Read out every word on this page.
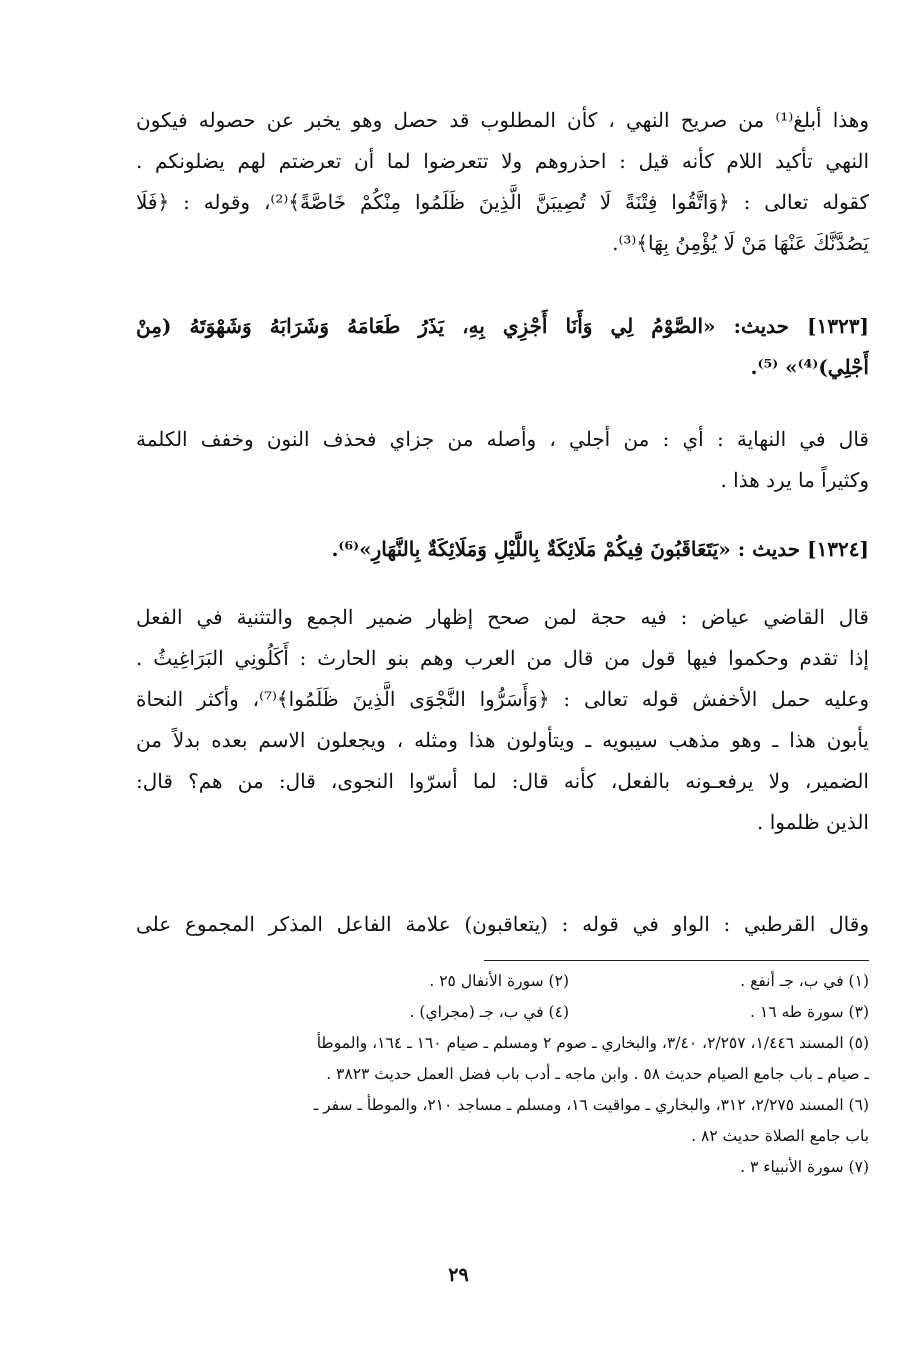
وهذا أبلغ⁽¹⁾ من صريح النهي ، كأن المطلوب قد حصل وهو يخبر عن حصوله فيكون
النهي تأكيد اللام كأنه قيل : احذروهم ولا تتعرضوا لما أن تعرضتم لهم يضلونكم .
كقوله تعالى : ﴿وَاتَّقُوا فِتْنَةً لَا تُصِيبَنَّ الَّذِينَ ظَلَمُوا مِنْكُمْ خَاصَّةً﴾⁽²⁾، وقوله : ﴿فَلَا
يَصُدَّنَّكَ عَنْهَا مَنْ لَا يُؤْمِنُ بِهَا﴾⁽³⁾.
[١٣٢٣] حديث: «الصَّوْمُ لِي وَأَنَا أَجْزِي بِهِ، يَذَرُ طَعَامَهُ وَشَرَابَهُ وَشَهْوَتَهُ (مِنْ
أَجْلِي)⁽⁴⁾» ⁽⁵⁾.
قال في النهاية : أي : من أجلي ، وأصله من جزاي فحذف النون وخفف الكلمة
وكثيراً ما يرد هذا .
[١٣٢٤] حديث : «يَتَعَاقَبُونَ فِيكُمْ مَلَائِكَةٌ بِاللَّيْلِ وَمَلَائِكَةٌ بِالنَّهَارِ»⁽⁶⁾.
قال القاضي عياض : فيه حجة لمن صحح إظهار ضمير الجمع والتثنية في الفعل
إذا تقدم وحكموا فيها قول من قال من العرب وهم بنو الحارث : أَكَلُونِي البَرَاغِيثُ .
وعليه حمل الأخفش قوله تعالى : ﴿وَأَسَرُّوا النَّجْوَى الَّذِينَ ظَلَمُوا﴾⁽⁷⁾، وأكثر النحاة
يأبون هذا ـ وهو مذهب سيبويه ـ ويتأولون هذا ومثله ، ويجعلون الاسم بعده بدلاً من
الضمير، ولا يرفعـونه بالفعل، كأنه قال: لما أسرّوا النجوى، قال: من هم؟ قال:
الذين ظلموا .
وقال القرطبي : الواو في قوله : (يتعاقبون) علامة الفاعل المذكر المجموع على
(١) في ب، جـ أنفع .
(٢) سورة الأنفال ٢٥ .
(٣) سورة طه ١٦ .
(٤) في ب، جـ (مجراي) .
(٥) المسند ١/٤٤٦، ٢/٢٥٧، ٣/٤٠، والبخاري ـ صوم ٢ ومسلم ـ صيام ١٦٠ ـ ١٦٤، والموطأ
ـ صيام ـ باب جامع الصيام حديث ٥٨ . وابن ماجه ـ أدب باب فضل العمل حديث ٣٨٢٣ .
(٦) المسند ٢/٢٧٥، ٣١٢، والبخاري ـ مواقيت ١٦، ومسلم ـ مساجد ٢١٠، والموطأ ـ سفر ـ
باب جامع الصلاة حديث ٨٢ .
(٧) سورة الأنبياء ٣ .
٢٩
